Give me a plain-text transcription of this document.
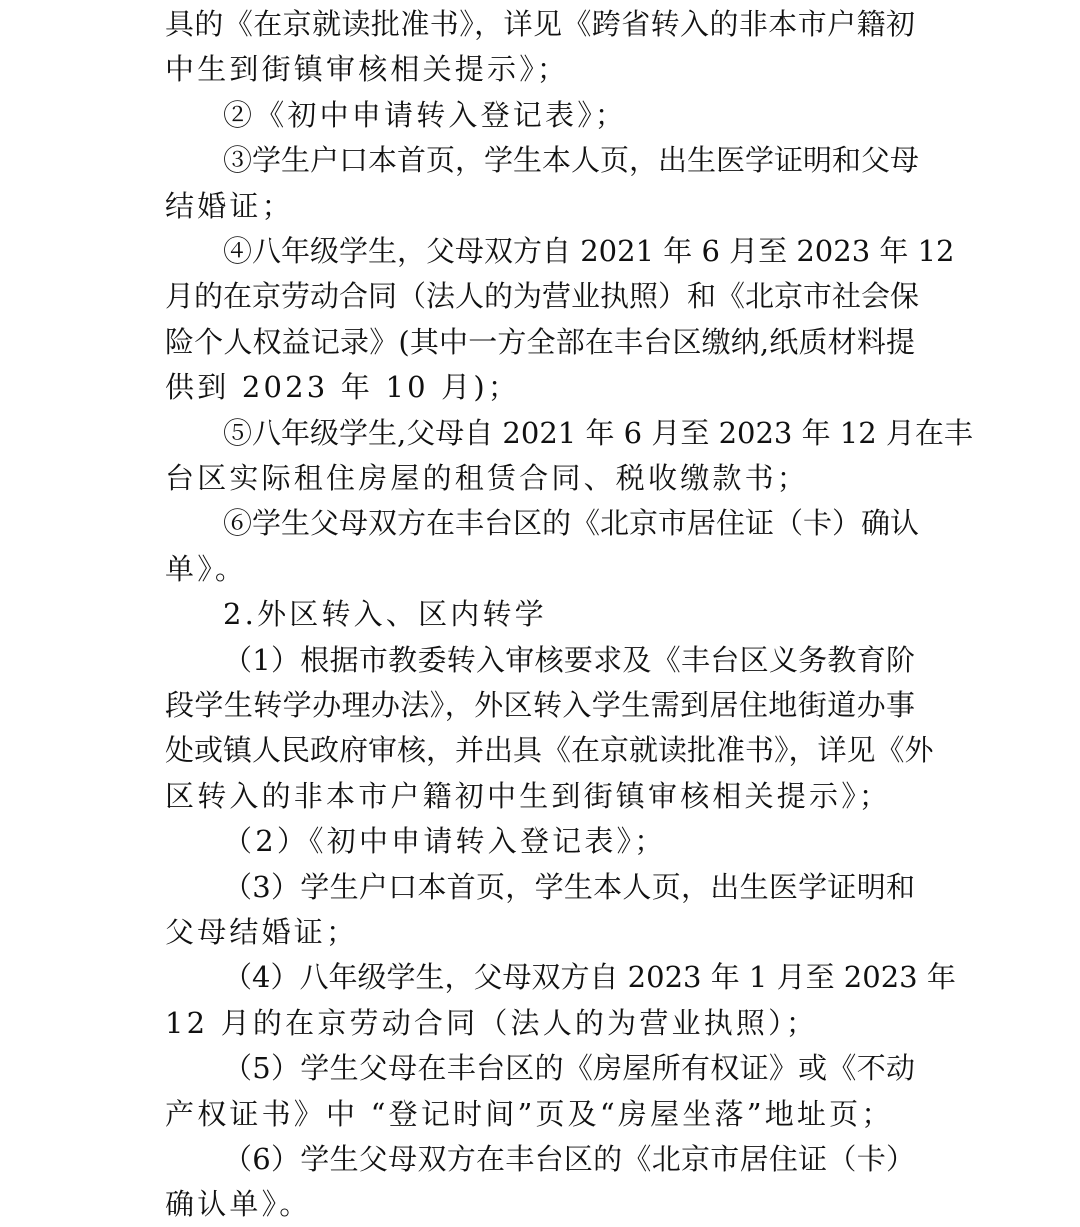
具的《在京就读批准书》，详见《跨省转入的非本市户籍初
中生到街镇审核相关提示》；
②《初中申请转入登记表》；
③学生户口本首页，学生本人页，出生医学证明和父母
结婚证；
④八年级学生，父母双方自 2021 年 6 月至 2023 年 12
月的在京劳动合同（法人的为营业执照）和《北京市社会保
险个人权益记录》(其中一方全部在丰台区缴纳,纸质材料提
供到 2023 年 10 月)；
⑤八年级学生,父母自 2021 年 6 月至 2023 年 12 月在丰
台区实际租住房屋的租赁合同、税收缴款书；
⑥学生父母双方在丰台区的《北京市居住证（卡）确认
单》。
2.外区转入、区内转学
（1）根据市教委转入审核要求及《丰台区义务教育阶
段学生转学办理办法》，外区转入学生需到居住地街道办事
处或镇人民政府审核，并出具《在京就读批准书》，详见《外
区转入的非本市户籍初中生到街镇审核相关提示》；
（2）《初中申请转入登记表》；
（3）学生户口本首页，学生本人页，出生医学证明和
父母结婚证；
（4）八年级学生，父母双方自 2023 年 1 月至 2023 年
12 月的在京劳动合同（法人的为营业执照）；
（5）学生父母在丰台区的《房屋所有权证》或《不动
产权证书》中 “登记时间”页及“房屋坐落”地址页；
（6）学生父母双方在丰台区的《北京市居住证（卡）
确认单》。
